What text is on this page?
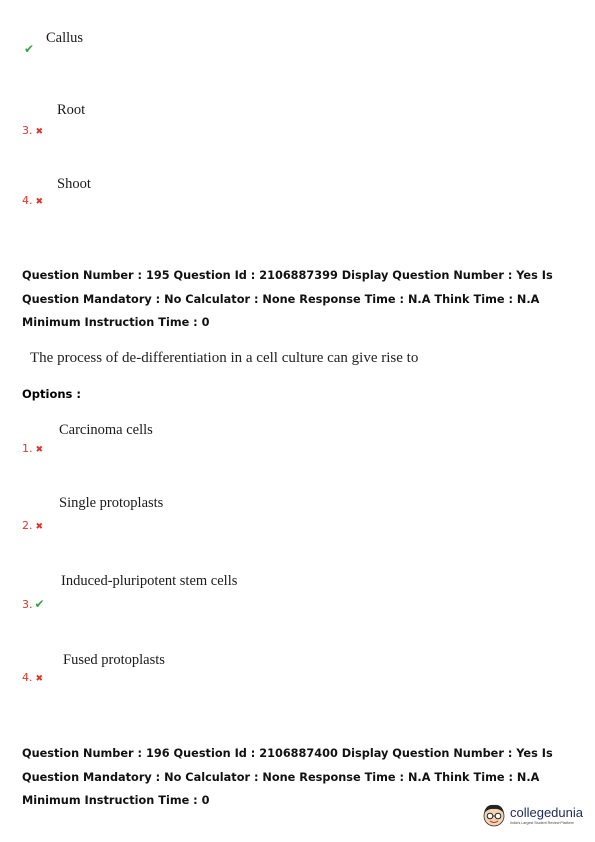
✔
Callus
3. ✖
Root
4. ✖
Shoot
Question Number : 195 Question Id : 2106887399 Display Question Number : Yes Is Question Mandatory : No Calculator : None Response Time : N.A Think Time : N.A Minimum Instruction Time : 0
The process of de-differentiation in a cell culture can give rise to
Options :
1. ✖
Carcinoma cells
2. ✖
Single protoplasts
3. ✔
Induced-pluripotent stem cells
4. ✖
Fused protoplasts
Question Number : 196 Question Id : 2106887400 Display Question Number : Yes Is Question Mandatory : No Calculator : None Response Time : N.A Think Time : N.A Minimum Instruction Time : 0
collegedunia
India's Largest Student Review Platform
